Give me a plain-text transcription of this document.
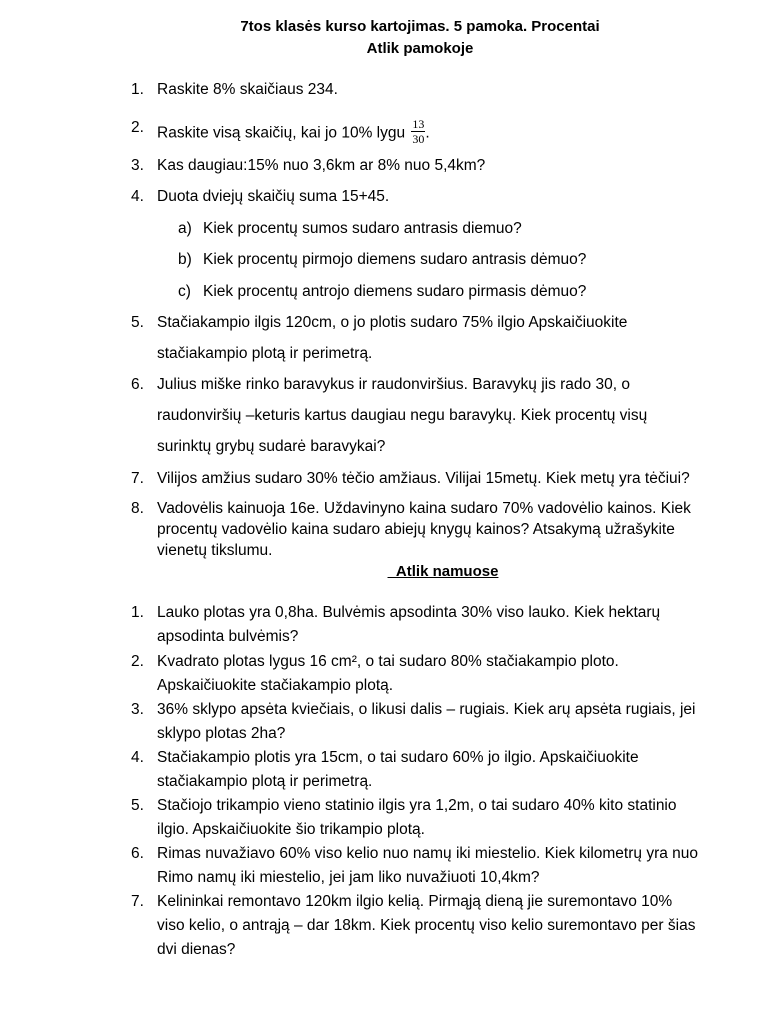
7tos klasės kurso kartojimas. 5 pamoka. Procentai
Atlik pamokoje
1. Raskite 8% skaičiaus 234.
2. Raskite visą skaičių, kai jo 10% lygu $\frac{13}{30}$ .
3. Kas daugiau:15% nuo 3,6km ar 8% nuo 5,4km?
4. Duota dviejų skaičių suma 15+45.
a) Kiek procentų sumos sudaro antrasis diemuo?
b) Kiek procentų pirmojo diemens sudaro antrasis dėmuo?
c) Kiek procentų antrojo diemens sudaro pirmasis dėmuo?
5. Stačiakampio ilgis 120cm, o jo plotis sudaro 75% ilgio Apskaičiuokite
stačiakampio plotą ir perimetrą.
6. Julius miške rinko baravykus ir raudonviršius. Baravykų jis rado 30, o
raudonviršių –keturis kartus daugiau negu baravykų. Kiek procentų visų
surinktų grybų sudarė baravykai?
7. Vilijos amžius sudaro 30% tėčio amžiaus. Vilijai 15metų. Kiek metų yra tėčiui?
8. Vadovėlis kainuoja 16e. Uždavinyno kaina sudaro 70% vadovėlio kainos. Kiek
procentų vadovėlio kaina sudaro abiejų knygų kainos? Atsakymą užrašykite
vienetų tikslumu.
_Atlik namuose
1. Lauko plotas yra 0,8ha. Bulvėmis apsodinta 30% viso lauko. Kiek hektarų
apsodinta bulvėmis?
2. Kvadrato plotas lygus 16 cm², o tai sudaro 80% stačiakampio ploto.
Apskaičiuokite stačiakampio plotą.
3. 36% sklypo apsėta kviečiais, o likusi dalis – rugiais. Kiek arų apsėta rugiais, jei
sklypo plotas 2ha?
4. Stačiakampio plotis yra 15cm, o tai sudaro 60% jo ilgio. Apskaičiuokite
stačiakampio plotą ir perimetrą.
5. Stačiojo trikampio vieno statinio ilgis yra 1,2m, o tai sudaro 40% kito statinio
ilgio. Apskaičiuokite šio trikampio plotą.
6. Rimas nuvažiavo 60% viso kelio nuo namų iki miestelio. Kiek kilometrų yra nuo
Rimo namų iki miestelio, jei jam liko nuvažiuoti 10,4km?
7. Kelininkai remontavo 120km ilgio kelią. Pirmąją dieną jie suremontavo 10%
viso kelio, o antrąją – dar 18km. Kiek procentų viso kelio suremontavo per šias
dvi dienas?
